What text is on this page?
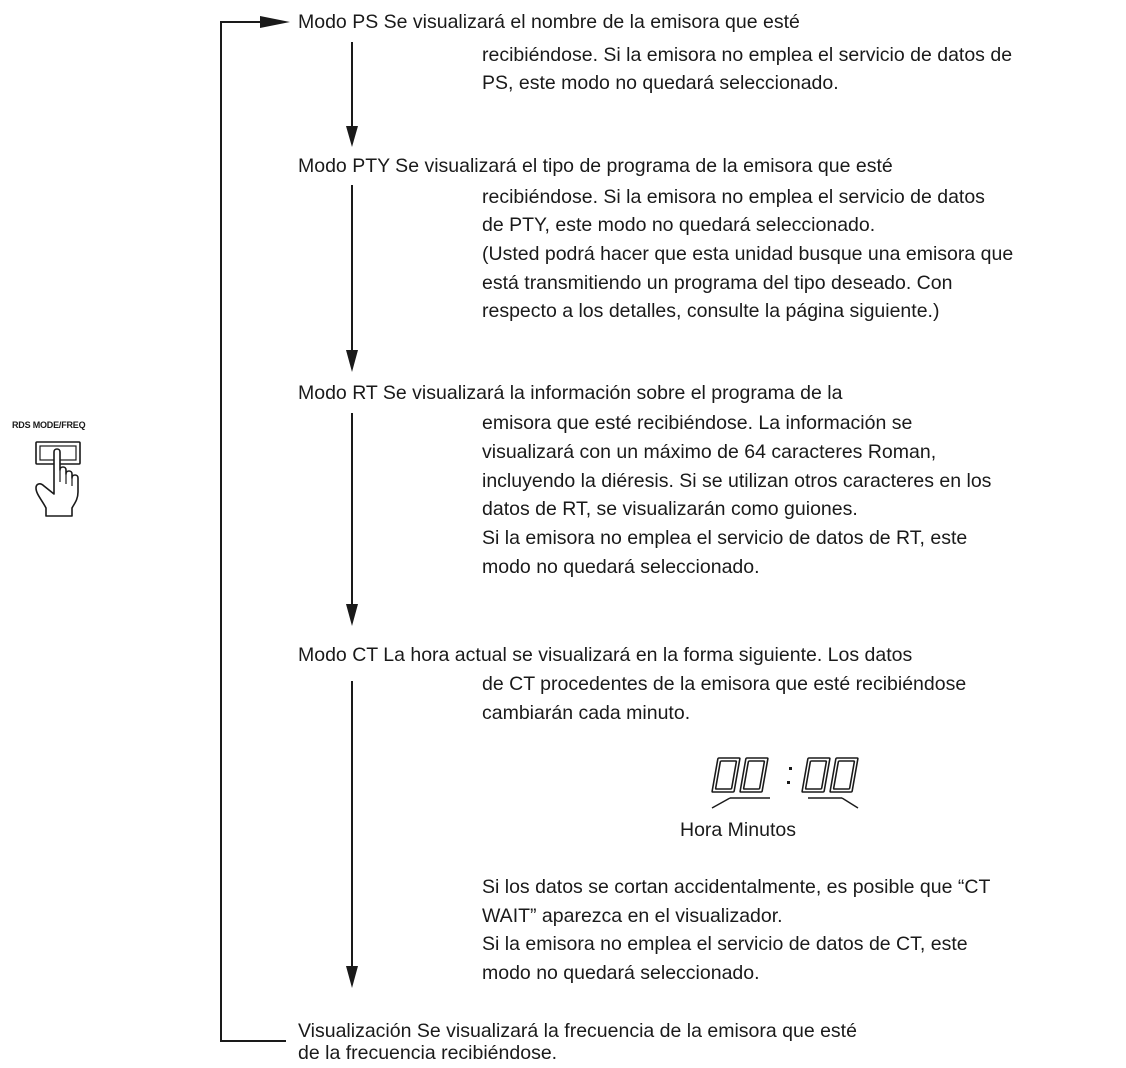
RDS MODE/FREQ
Modo PS Se visualizará el nombre de la emisora que esté
recibiéndose. Si la emisora no emplea el servicio de datos de
PS, este modo no quedará seleccionado.
Modo PTY Se visualizará el tipo de programa de la emisora que esté
recibiéndose. Si la emisora no emplea el servicio de datos
de PTY, este modo no quedará seleccionado.
(Usted podrá hacer que esta unidad busque una emisora que
está transmitiendo un programa del tipo deseado. Con
respecto a los detalles, consulte la página siguiente.)
Modo RT Se visualizará la información sobre el programa de la
emisora que esté recibiéndose. La información se
visualizará con un máximo de 64 caracteres Roman,
incluyendo la diéresis. Si se utilizan otros caracteres en los
datos de RT, se visualizarán como guiones.
Si la emisora no emplea el servicio de datos de RT, este
modo no quedará seleccionado.
Modo CT La hora actual se visualizará en la forma siguiente. Los datos
de CT procedentes de la emisora que esté recibiéndose
cambiarán cada minuto.
Hora Minutos
Si los datos se cortan accidentalmente, es posible que “CT
WAIT” aparezca en el visualizador.
Si la emisora no emplea el servicio de datos de CT, este
modo no quedará seleccionado.
Visualización Se visualizará la frecuencia de la emisora que esté
de la frecuencia recibiéndose.
